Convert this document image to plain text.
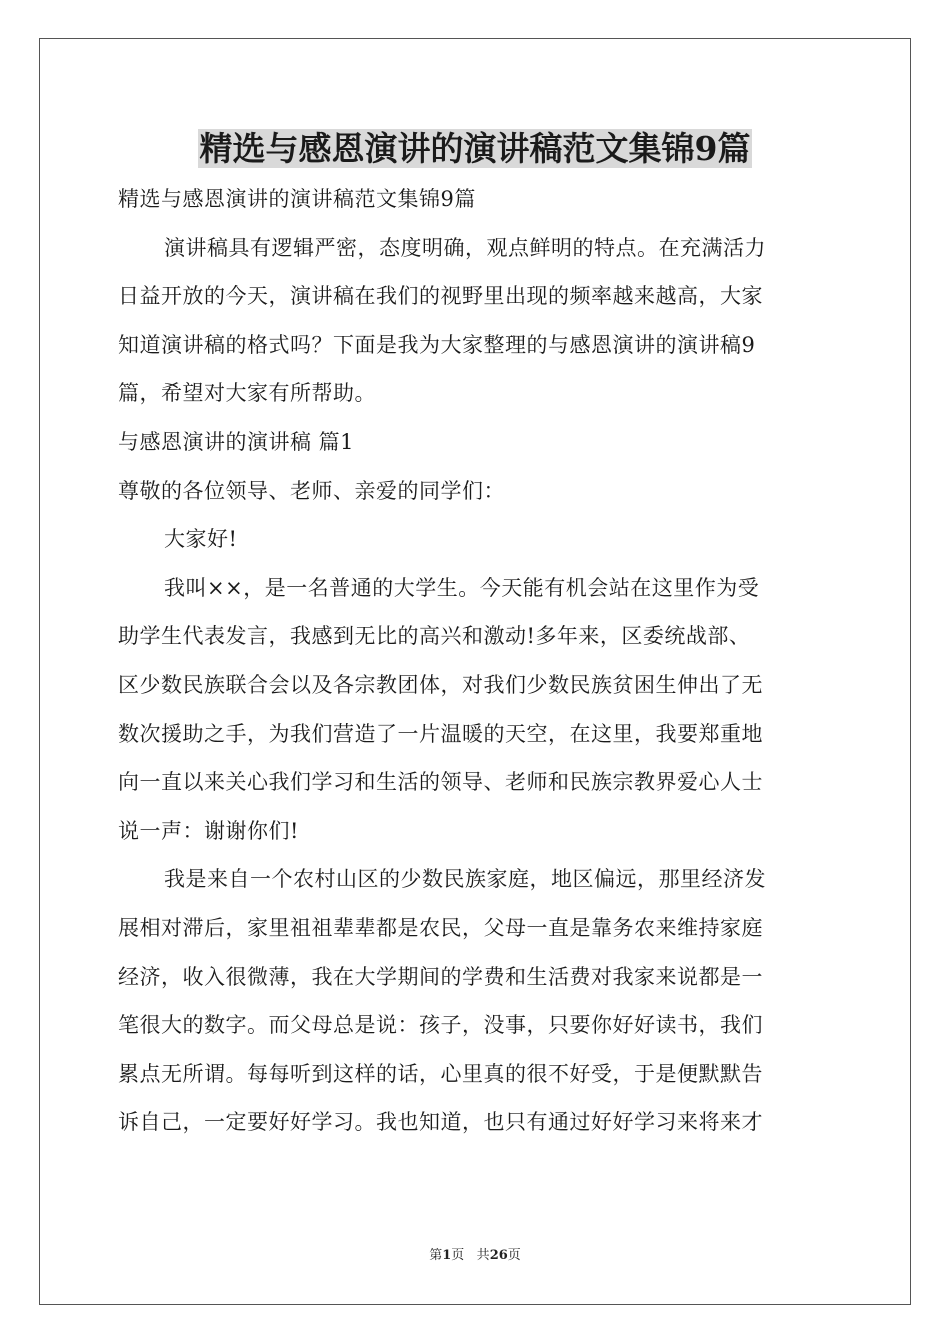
精选与感恩演讲的演讲稿范文集锦9篇

精选与感恩演讲的演讲稿范文集锦9篇

演讲稿具有逻辑严密，态度明确，观点鲜明的特点。在充满活力

日益开放的今天，演讲稿在我们的视野里出现的频率越来越高，大家

知道演讲稿的格式吗？下面是我为大家整理的与感恩演讲的演讲稿9

篇，希望对大家有所帮助。

与感恩演讲的演讲稿 篇1

尊敬的各位领导、老师、亲爱的同学们：

大家好!

我叫××，是一名普通的大学生。今天能有机会站在这里作为受

助学生代表发言，我感到无比的高兴和激动!多年来，区委统战部、

区少数民族联合会以及各宗教团体，对我们少数民族贫困生伸出了无

数次援助之手，为我们营造了一片温暖的天空，在这里，我要郑重地

向一直以来关心我们学习和生活的领导、老师和民族宗教界爱心人士

说一声：谢谢你们!

我是来自一个农村山区的少数民族家庭，地区偏远，那里经济发

展相对滞后，家里祖祖辈辈都是农民，父母一直是靠务农来维持家庭

经济，收入很微薄，我在大学期间的学费和生活费对我家来说都是一

笔很大的数字。而父母总是说：孩子，没事，只要你好好读书，我们

累点无所谓。每每听到这样的话，心里真的很不好受，于是便默默告

诉自己，一定要好好学习。我也知道，也只有通过好好学习来将来才

第1页 共26页
